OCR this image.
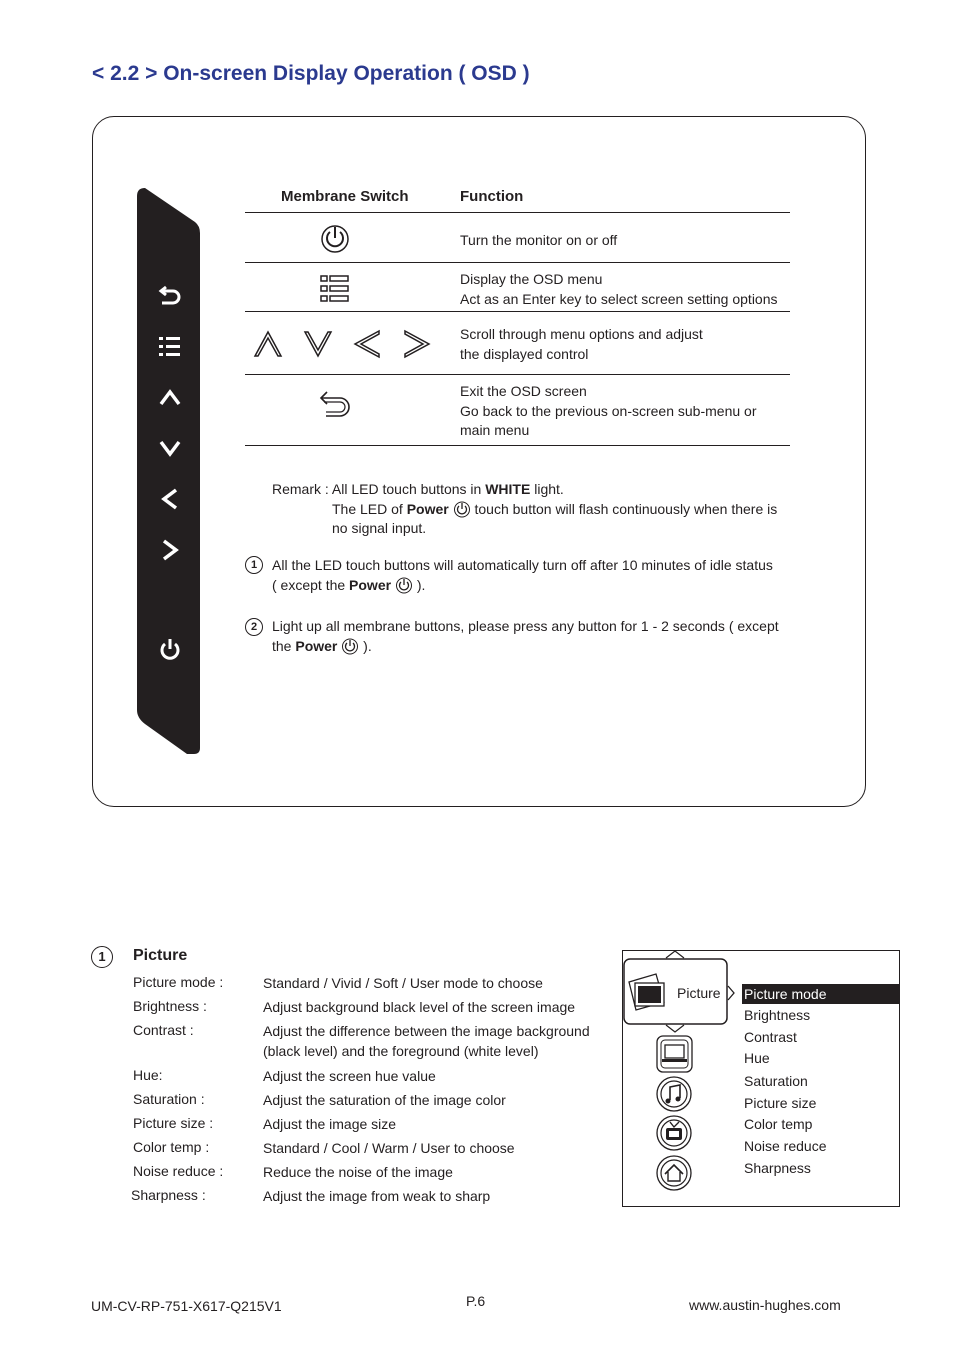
< 2.2 > On-screen Display Operation ( OSD )
Membrane Switch	Function
Turn the monitor on or off
Display the OSD menu
Act as an Enter key to select screen setting options
Scroll through menu options and adjust
the displayed control
Exit the OSD screen
Go back to the previous on-screen sub-menu or
main menu
Remark : All LED touch buttons in WHITE light.
The LED of Power  touch button will flash continuously when there is
no signal input.
1	All the LED touch buttons will automatically turn off after 10 minutes of idle status
( except the Power  ).
2	Light up all membrane buttons, please press any button for 1 - 2 seconds ( except
the Power  ).
1	Picture
Picture mode :	Standard / Vivid / Soft / User mode to choose
Brightness :	Adjust background black level of the screen image
Contrast :	Adjust the difference between the image background
(black level) and the foreground (white level)
Hue:	Adjust the screen hue value
Saturation :	Adjust the saturation of the image color
Picture size :	Adjust the image size
Color temp :	Standard / Cool / Warm / User to choose
Noise reduce :	Reduce the noise of the image
Sharpness :	Adjust the image from weak to sharp
Picture Picture mode
Brightness
Contrast
Hue
Saturation
Picture size
Color temp
Noise reduce
Sharpness
UM-CV-RP-751-X617-Q215V1	P.6	www.austin-hughes.com
